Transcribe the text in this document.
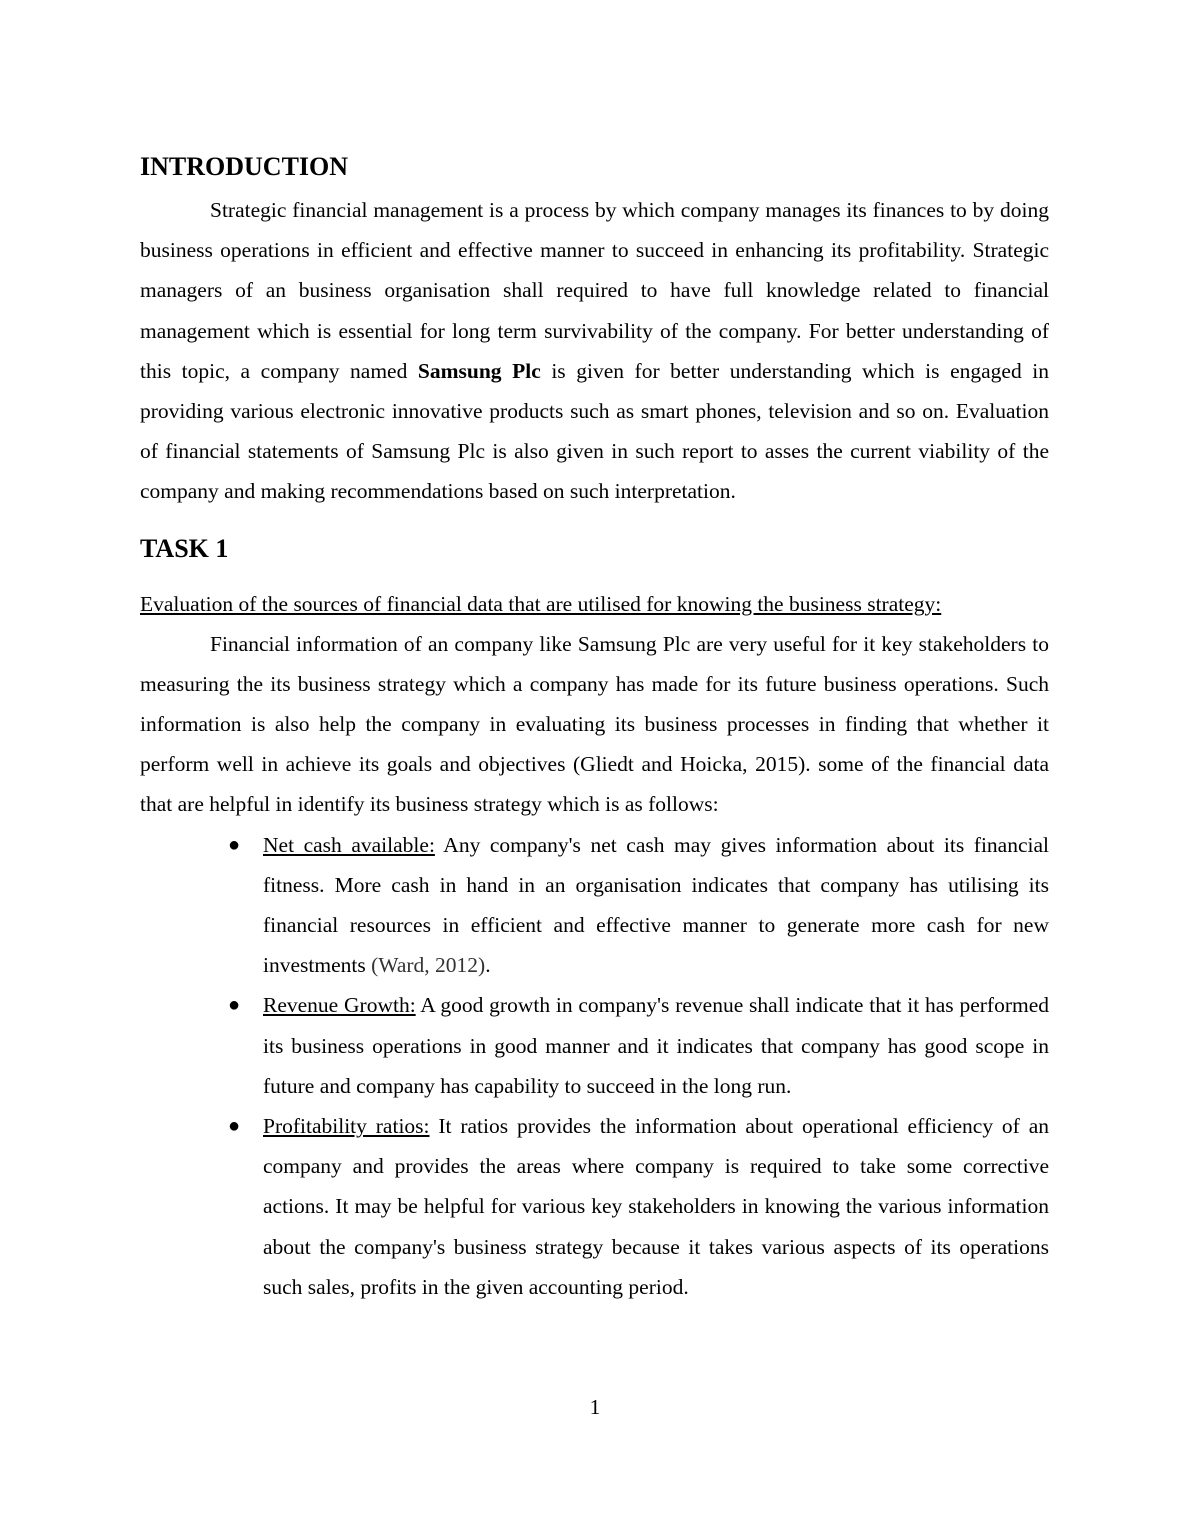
INTRODUCTION

Strategic financial management is a process by which company manages its finances to by doing business operations in efficient and effective manner to succeed in enhancing its profitability. Strategic managers of an business organisation shall required to have full knowledge related to financial management which is essential for long term survivability of the company. For better understanding of this topic, a company named Samsung Plc is given for better understanding which is engaged in providing various electronic innovative products such as smart phones, television and so on. Evaluation of financial statements of Samsung Plc is also given in such report to asses the current viability of the company and making recommendations based on such interpretation.

TASK 1
Evaluation of the sources of financial data that are utilised for knowing the business strategy:

Financial information of an company like Samsung Plc are very useful for it key stakeholders to measuring the its business strategy which a company has made for its future business operations. Such information is also help the company in evaluating its business processes in finding that whether it perform well in achieve its goals and objectives (Gliedt and Hoicka, 2015). some of the financial data that are helpful in identify its business strategy which is as follows:

● Net cash available: Any company's net cash may gives information about its financial fitness. More cash in hand in an organisation indicates that company has utilising its financial resources in efficient and effective manner to generate more cash for new investments (Ward, 2012).
● Revenue Growth: A good growth in company's revenue shall indicate that it has performed its business operations in good manner and it indicates that company has good scope in future and company has capability to succeed in the long run.
● Profitability ratios: It ratios provides the information about operational efficiency of an company and provides the areas where company is required to take some corrective actions. It may be helpful for various key stakeholders in knowing the various information about the company's business strategy because it takes various aspects of its operations such sales, profits in the given accounting period.
1
